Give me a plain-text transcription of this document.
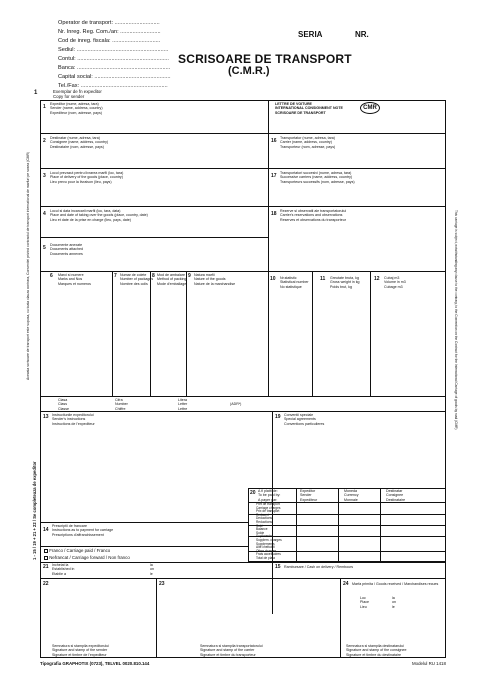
Operator de transport: .............................
Nr. Inreg. Reg. Com./an: ..........................
Cod de inreg. fiscala: ...............................
Sediul: ...........................................................
Contul: ...........................................................
Banca: ............................................................
Capital social: .................................................
Tel./Fax: ........................................................
SERIA	NR.
SCRISOARE DE TRANSPORT
(C.M.R.)
1	Exemplar de fn expeditor
Copy for sender
1 Expeditor (nume, adresa, tara)
Sender (name, address, country)
Expediteur (nom, adresse, pays)
LETTRE DE VOITURE
INTERNATIONAL CONSIGNMENT NOTE
SCRISOARE DE TRANSPORT
CMR
2 Destinatar (nume, adresa, tara)
Consignee (name, address, country)
Destinataire (nom, adresse, pays)
16 Transportator (nume, adresa, tara)
Carrier (name, address, country)
Transporteur (nom, adresse, pays)
3 Locul prevazut pentru livrarea marfii (loc, tara)
Place of delivery of the goods (place, country)
Lieu prevu pour la livraison (lieu, pays)
17 Transportatori succesivi (nume, adresa, tara)
Successive carriers (name, address, country)
Transporteurs successifs (nom, adresse, pays)
4 Locul si data incarcarii marfii (loc, tara, data)
Place and date of taking over the goods (place, country, date)
Lieu et date de la prise en charge (lieu, pays, date)
18 Rezerve si observatii ale transportatorului
Carrier's reservations and observations
Reserves et observations du transporteur
5 Documente anexate
Documents attached
Documents annexes
6 Marci si numere
Marks and Nos
Marques et numeros
7 Numar de colete
Number of packages
Nombre des colis
8 Mod de ambalare
Method of packing
Mode d'emballage
9 Natura marfii
Nature of the goods
Nature de la marchandise
10 Nr.statistic
Statistical number
No statistique
11 Greutate bruta, kg
Gross weight in kg
Poids brut, kg
12 Cubaj m3
Volume in m3
Cubage m3
Clasa
Class
Classe
Cifra
Number
Chiffre
Litera
Letter
Lettre
(ADR*)
13 Instructiunile expeditorului
Sender's instructions
Instructions de l'expediteur
19 Conventii speciale
Special agreements
Conventions particulieres
20 A fi platit de:
To be paid by:
A payer par:
Expeditor
Sender
Expediteur
Moneda
Currency
Monnaie
Destinatar
Consignee
Destinataire
Pret de transport
Carriage charges
Prix de transport
Reduceri
Deductions
Reductions
Sold
Balance
Solde
Suplimente
Supplem. charges
Supplements
Alte cheltuieli
Other charges
Frais accessoires
Total de plata
14
Prescriptii de francare
Instructions as to payment for carriage
Prescriptions d'affranchissement
Franco / Carriage paid / Franco
Nefrancat / Carriage forward / Non franco
21 Incheiat la
Established in
Etablie a
la
on
le
15 Rambursare / Cash on delivery / Rembours
22	23	24 Marfa primita / Goods received / Marchandises recues
Loc
Place
Lieu
la
on
le
Semnatura si stampila expeditorului
Signature and stamp of the sender
Signature et timbre de l'expediteur
Semnatura si stampila transportatorului
Signature and stamp of the carrier
Signature et timbre du transporteur
Semnatura si stampila destinatarului
Signature and stamp of the consignee
Signature et timbre du destinataire
Aceasta scrisoare de transport este supusa, cu toata clauza contrara, Conventiei privind contractul de transport international de marfuri pe sosea (CMR)
1 - 15 / 19 + 21 + 22 / Se completeaza de expeditor
This carriage is subject, notwithstanding any clause to the contrary, to the Convention on the Contract for the International Carriage of goods by road (CMR)
Tipografia GRAPHOTIX (0723), TELVEL 0020.810.144	Modelul RU 1418
